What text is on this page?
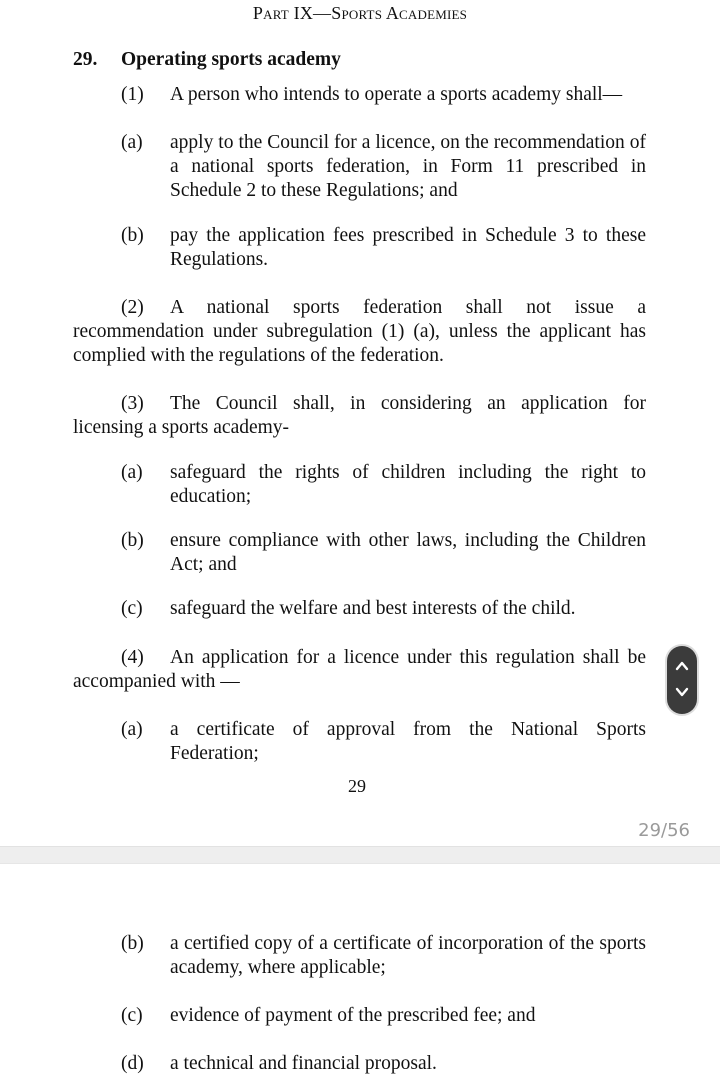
Part IX—Sports Academies
29. Operating sports academy
(1) A person who intends to operate a sports academy shall—
(a) apply to the Council for a licence, on the recommendation of a national sports federation, in Form 11 prescribed in Schedule 2 to these Regulations; and
(b) pay the application fees prescribed in Schedule 3 to these Regulations.
(2) A national sports federation shall not issue a recommendation under subregulation (1) (a), unless the applicant has complied with the regulations of the federation.
(3) The Council shall, in considering an application for licensing a sports academy-
(a) safeguard the rights of children including the right to education;
(b) ensure compliance with other laws, including the Children Act; and
(c) safeguard the welfare and best interests of the child.
(4) An application for a licence under this regulation shall be accompanied with —
(a) a certificate of approval from the National Sports Federation;
29
29/56
(b) a certified copy of a certificate of incorporation of the sports academy, where applicable;
(c) evidence of payment of the prescribed fee; and
(d) a technical and financial proposal.
